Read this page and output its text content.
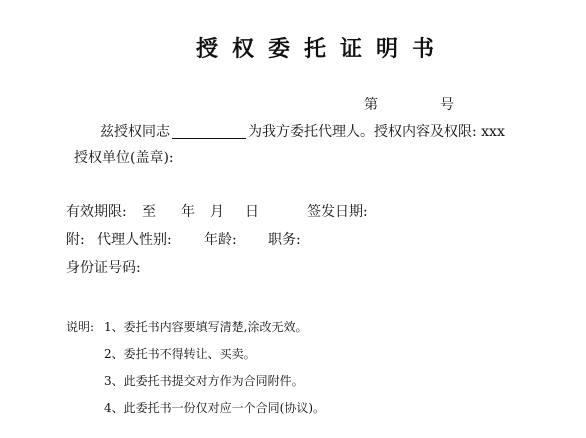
授权委托证明书
第	号
兹授权同志	为我方委托代理人。授权内容及权限: xxx
授权单位(盖章):
有效期限: 至 年 月 日	签发日期:
附: 代理人性别: 年龄: 职务:
身份证号码:
说明: 1、委托书内容要填写清楚,涂改无效。
2、委托书不得转让、买卖。
3、此委托书提交对方作为合同附件。
4、此委托书一份仅对应一个合同(协议)。
